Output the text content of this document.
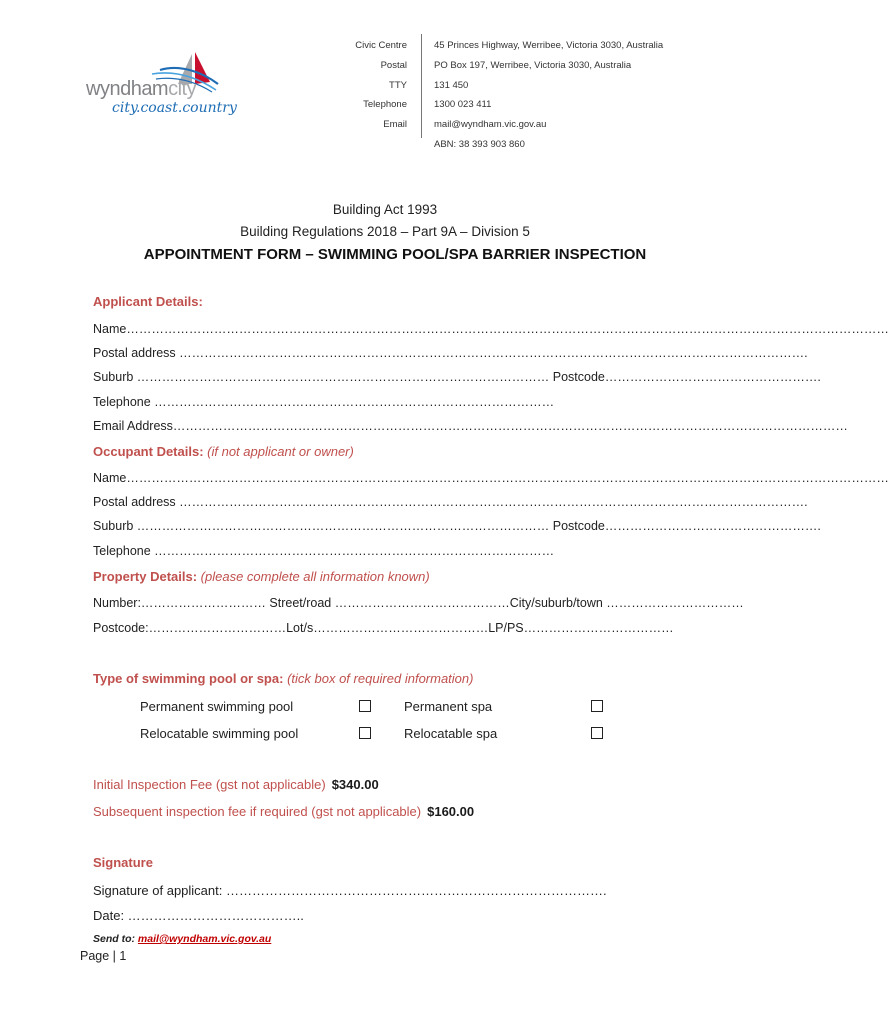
wyndhamcity
city.coast.country
Civic Centre
Postal
TTY
Telephone
Email
45 Princes Highway, Werribee, Victoria 3030, Australia
PO Box 197, Werribee, Victoria 3030, Australia
131 450
1300 023 411
mail@wyndham.vic.gov.au
ABN: 38 393 903 860
Building Act 1993
Building Regulations 2018 – Part 9A – Division 5
APPOINTMENT FORM – SWIMMING POOL/SPA BARRIER INSPECTION
Applicant Details:
Name…………………………………………………………………………………………………………………………………………………………………
Postal address …………………………………………………………………………………………………………………………………….
Suburb ……………………………………………………………………………………… Postcode…………………………………………….
Telephone ……………………………………………………………………………………
Email Address………………………………………………………………………………………………………………………………………………
Occupant Details: (if not applicant or owner)
Name…………………………………………………………………………………………………………………………………………………………………
Postal address …………………………………………………………………………………………………………………………………….
Suburb ……………………………………………………………………………………… Postcode…………………………………………….
Telephone ……………………………………………………………………………………
Property Details: (please complete all information known)
Number:………………………… Street/road ……………………………………City/suburb/town ……………………………
Postcode:……………………………Lot/s……………………………………LP/PS………………………………
Type of swimming pool or spa: (tick box of required information)
Permanent swimming pool	Permanent spa
Relocatable swimming pool	Relocatable spa
Initial Inspection Fee (gst not applicable) $340.00
Subsequent inspection fee if required (gst not applicable) $160.00
Signature
Signature of applicant: …………………………………………………………………………….
Date: …………………………………..
Send to: mail@wyndham.vic.gov.au
Page | 1
